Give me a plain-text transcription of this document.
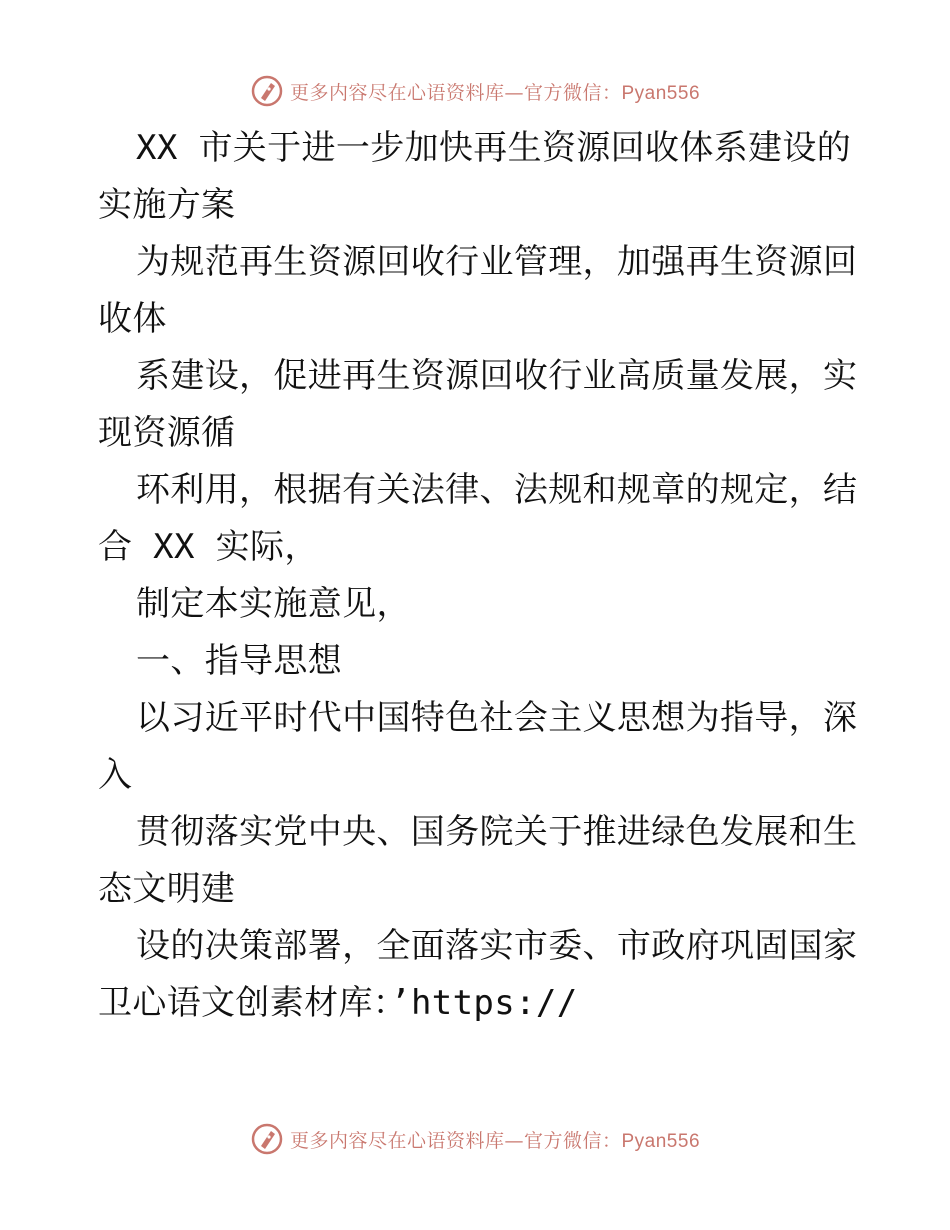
更多内容尽在心语资料库—官方微信：Pyan556
XX 市关于进一步加快再生资源回收体系建设的
实施方案
为规范再生资源回收行业管理，加强再生资源回
收体
系建设，促进再生资源回收行业高质量发展，实
现资源循
环利用，根据有关法律、法规和规章的规定，结
合 XX 实际，
制定本实施意见，
一、指导思想
以习近平时代中国特色社会主义思想为指导，深
入
贯彻落实党中央、国务院关于推进绿色发展和生
态文明建
设的决策部署，全面落实市委、市政府巩固国家
卫心语文创素材库：’https://
更多内容尽在心语资料库—官方微信：Pyan556
